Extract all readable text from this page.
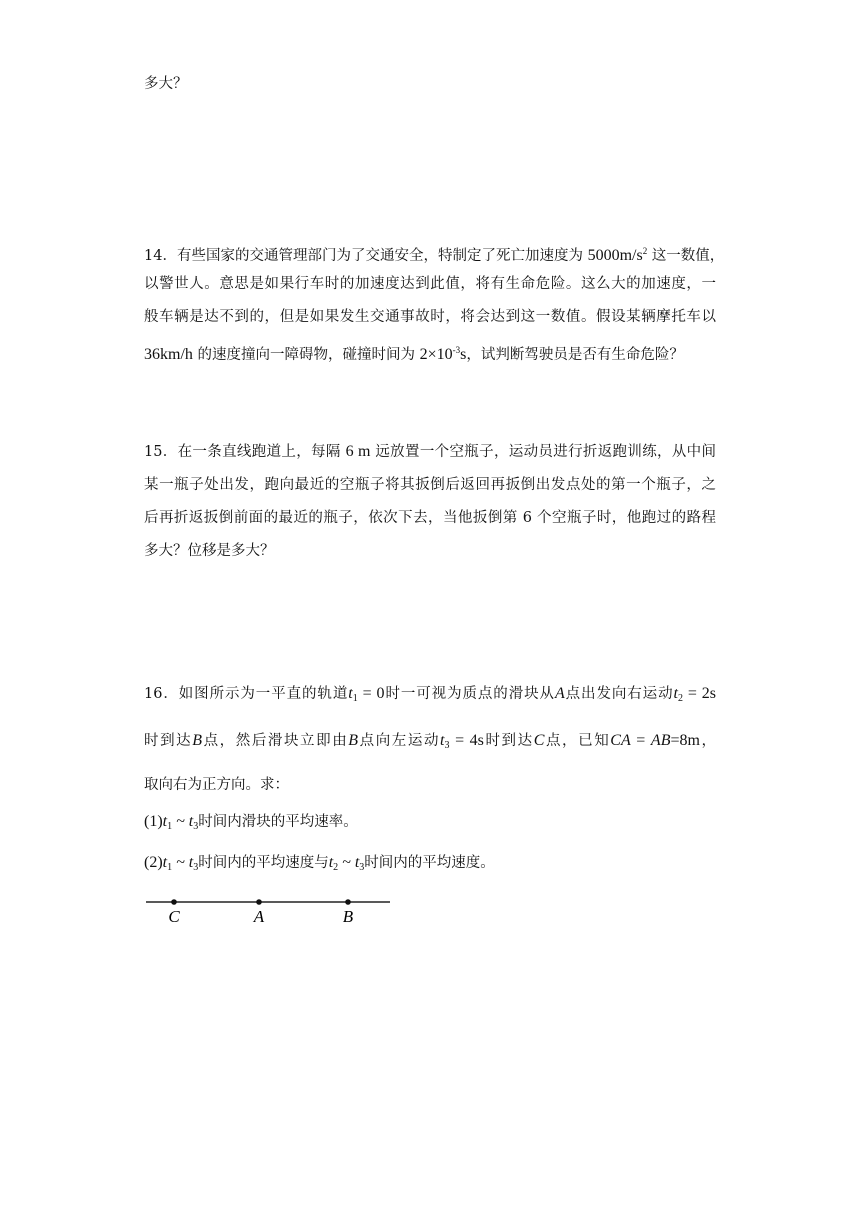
多大？
14．有些国家的交通管理部门为了交通安全，特制定了死亡加速度为 $5000m/s^2$ 这一数值，
以警世人。意思是如果行车时的加速度达到此值，将有生命危险。这么大的加速度，一
般车辆是达不到的，但是如果发生交通事故时，将会达到这一数值。假设某辆摩托车以
36km/h 的速度撞向一障碍物，碰撞时间为 $2\times 10^{-3}s$，试判断驾驶员是否有生命危险？
15．在一条直线跑道上，每隔 6 m 远放置一个空瓶子，运动员进行折返跑训练，从中间
某一瓶子处出发，跑向最近的空瓶子将其扳倒后返回再扳倒出发点处的第一个瓶子，之
后再折返扳倒前面的最近的瓶子，依次下去，当他扳倒第 6 个空瓶子时，他跑过的路程
多大？位移是多大？
16．如图所示为一平直的轨道$t_1 = 0$时一可视为质点的滑块从A点出发向右运动$t_2 = 2s$
时到达B点，然后滑块立即由B点向左运动$t_3 = 4s$时到达C点，已知CA = AB=8m，
取向右为正方向。求：
$(1)t_1$ ~ $t_3$时间内滑块的平均速率。
$(2)t_1$ ~ $t_3$时间内的平均速度与$t_2$ ~ $t_3$时间内的平均速度。
C	A	B
